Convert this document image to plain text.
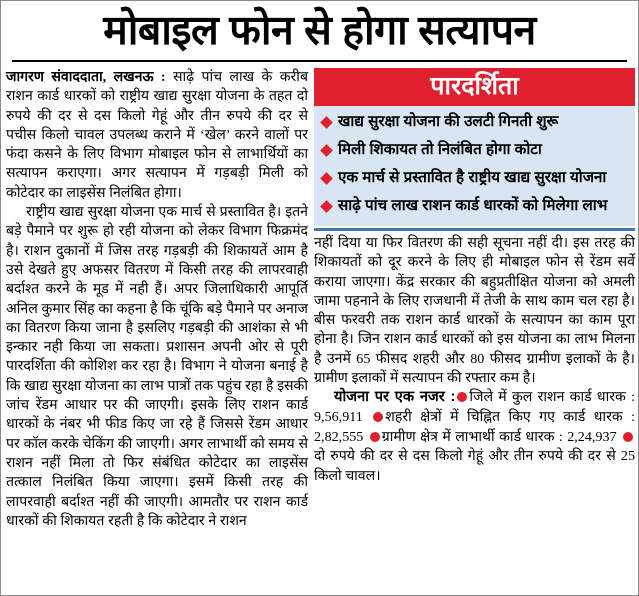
मोबाइल फोन से होगा सत्यापन

जागरण संवाददाता, लखनऊ : साढ़े पांच लाख के करीब राशन कार्ड धारकों को राष्ट्रीय खाद्य सुरक्षा योजना के तहत दो रुपये की दर से दस किलो गेहूं और तीन रुपये की दर से पचीस किलो चावल उपलब्ध कराने में ‘खेल’ करने वालों पर फंदा कसने के लिए विभाग मोबाइल फोन से लाभार्थियों का सत्यापन कराएगा। अगर सत्यापन में गड़बड़ी मिली को कोटेदार का लाइसेंस निलंबित होगा।

राष्ट्रीय खाद्य सुरक्षा योजना एक मार्च से प्रस्तावित है। इतने बड़े पैमाने पर शुरू हो रही योजना को लेकर विभाग फिक्रमंद है। राशन दुकानों में जिस तरह गड़बड़ी की शिकायतें आम है उसे देखते हुए अफसर वितरण में किसी तरह की लापरवाही बर्दाश्त करने के मूड में नही हैं। अपर जिलाधिकारी आपूर्ति अनिल कुमार सिंह का कहना है कि चूंकि बड़े पैमाने पर अनाज का वितरण किया जाना है इसलिए गड़बड़ी की आशंका से भी इन्कार नही किया जा सकता। प्रशासन अपनी ओर से पूरी पारदर्शिता की कोशिश कर रहा है। विभाग ने योजना बनाई है कि खाद्य सुरक्षा योजना का लाभ पात्रों तक पहुंच रहा है इसकी जांच रेंडम आधार पर की जाएगी। इसके लिए राशन कार्ड धारकों के नंबर भी फीड किए जा रहे हैं जिससे रेंडम आधार पर कॉल करके चेकिंग की जाएगी। अगर लाभार्थी को समय से राशन नहीं मिला तो फिर संबंधित कोटेदार का लाइसेंस तत्काल निलंबित किया जाएगा। इसमें किसी तरह की लापरवाही बर्दाश्त नहीं की जाएगी। आमतौर पर राशन कार्ड धारकों की शिकायत रहती है कि कोटेदार ने राशन

पारदर्शिता
खाद्य सुरक्षा योजना की उलटी गिनती शुरू
मिली शिकायत तो निलंबित होगा कोटा
एक मार्च से प्रस्तावित है राष्ट्रीय खाद्य सुरक्षा योजना
साढ़े पांच लाख राशन कार्ड धारकों को मिलेगा लाभ

नहीं दिया या फिर वितरण की सही सूचना नहीं दी। इस तरह की शिकायतों को दूर करने के लिए ही मोबाइल फोन से रेंडम सर्वे कराया जाएगा। केंद्र सरकार की बहुप्रतीक्षित योजना को अमली जामा पहनाने के लिए राजधानी में तेजी के साथ काम चल रहा है। बीस फरवरी तक राशन कार्ड धारकों के सत्यापन का काम पूरा होना है। जिन राशन कार्ड धारकों को इस योजना का लाभ मिलना है उनमें 65 फीसद शहरी और 80 फीसद ग्रामीण इलाकों के है। ग्रामीण इलाकों में सत्यापन की रफ्तार कम है।

योजना पर एक नजर : जिले में कुल राशन कार्ड धारक : 9,56,911 शहरी क्षेत्रों में चिह्नित किए गए कार्ड धारक : 2,82,555 ग्रामीण क्षेत्र में लाभार्थी कार्ड धारक : 2,24,937 दो रुपये की दर से दस किलो गेहूं और तीन रुपये की दर से 25 किलो चावल।
